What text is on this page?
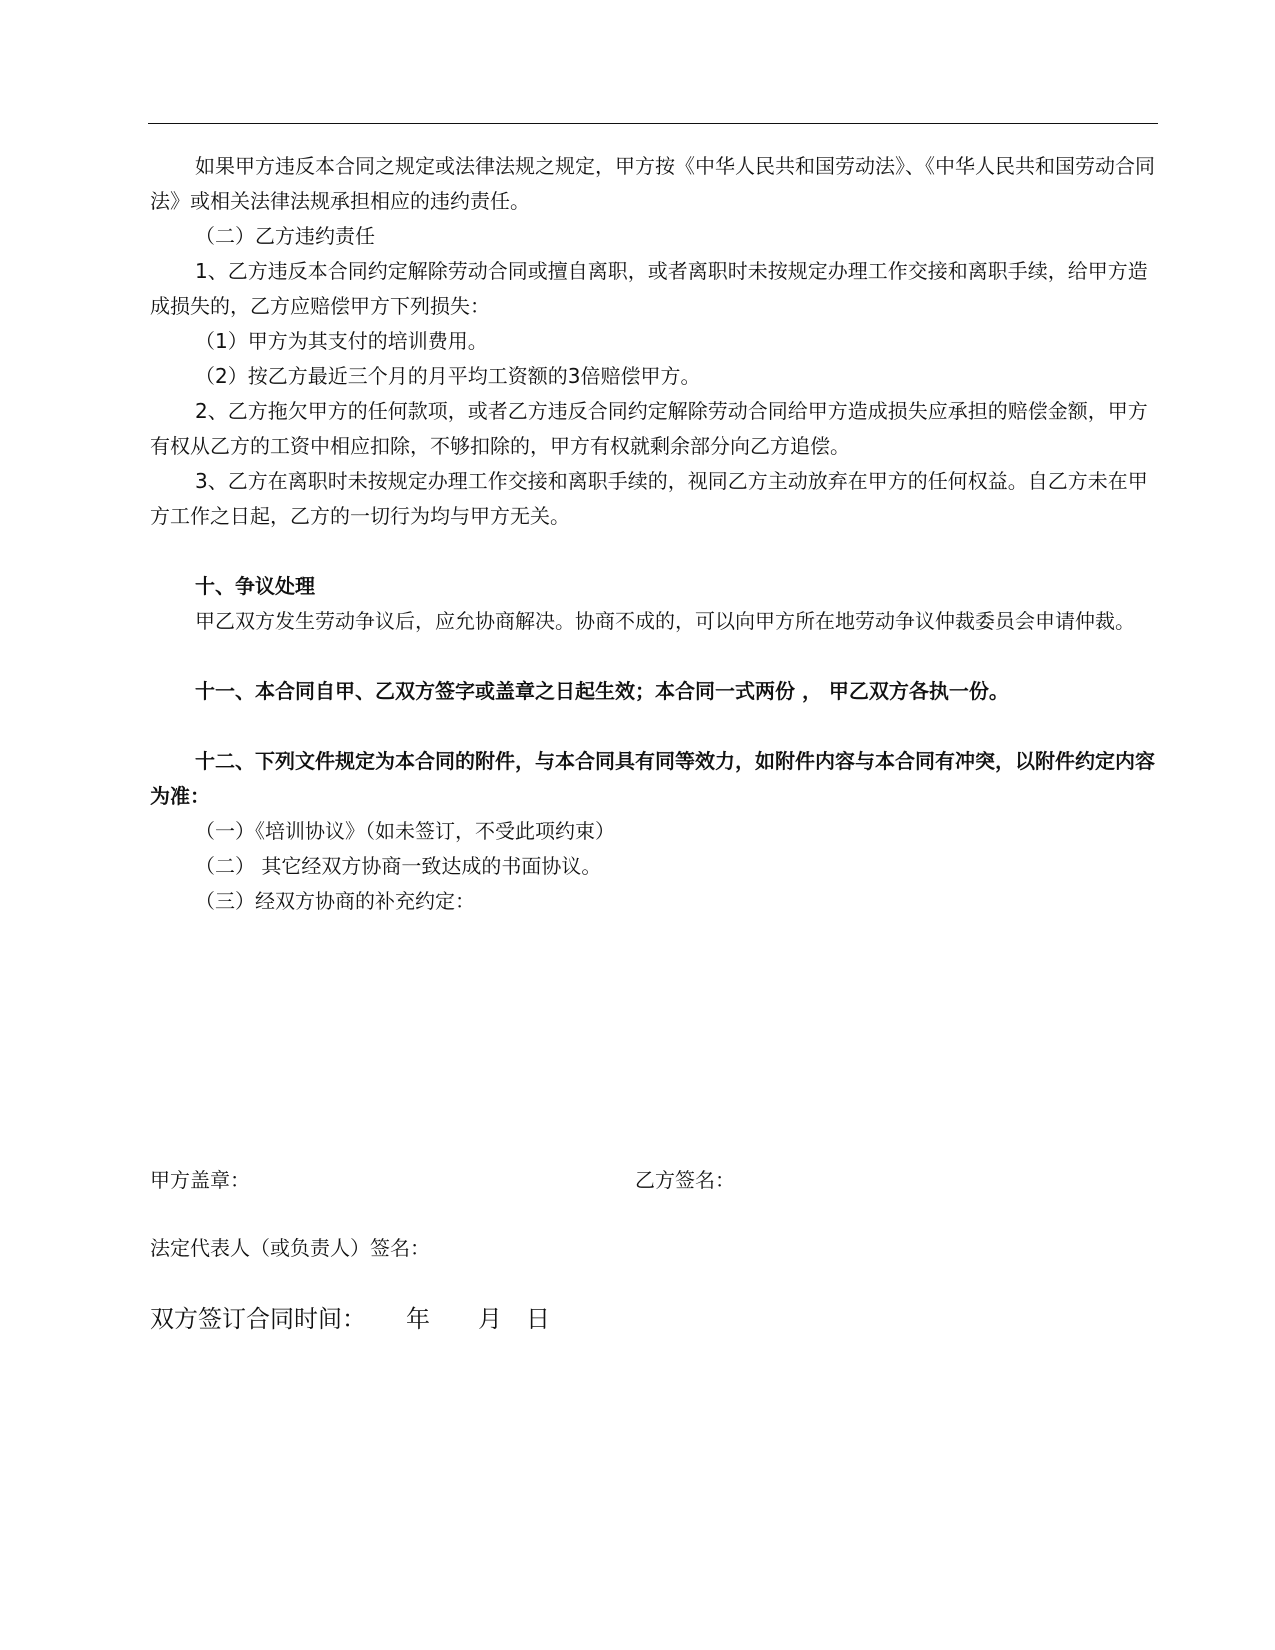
如果甲方违反本合同之规定或法律法规之规定，甲方按《中华人民共和国劳动法》、《中华人民共和国劳动合同法》或相关法律法规承担相应的违约责任。

（二）乙方违约责任

1、乙方违反本合同约定解除劳动合同或擅自离职，或者离职时未按规定办理工作交接和离职手续，给甲方造成损失的，乙方应赔偿甲方下列损失：

（1）甲方为其支付的培训费用。

（2）按乙方最近三个月的月平均工资额的3倍赔偿甲方。

2、乙方拖欠甲方的任何款项，或者乙方违反合同约定解除劳动合同给甲方造成损失应承担的赔偿金额，甲方有权从乙方的工资中相应扣除，不够扣除的，甲方有权就剩余部分向乙方追偿。

3、乙方在离职时未按规定办理工作交接和离职手续的，视同乙方主动放弃在甲方的任何权益。自乙方未在甲方工作之日起，乙方的一切行为均与甲方无关。

十、争议处理

甲乙双方发生劳动争议后，应允协商解决。协商不成的，可以向甲方所在地劳动争议仲裁委员会申请仲裁。

十一、本合同自甲、乙双方签字或盖章之日起生效；本合同一式两份 ， 甲乙双方各执一份。

十二、下列文件规定为本合同的附件，与本合同具有同等效力，如附件内容与本合同有冲突，以附件约定内容为准：

（一）《培训协议》（如未签订，不受此项约束）

（二） 其它经双方协商一致达成的书面协议。

（三）经双方协商的补充约定：

甲方盖章：	乙方签名：

法定代表人（或负责人）签名：

双方签订合同时间： 年 月 日
